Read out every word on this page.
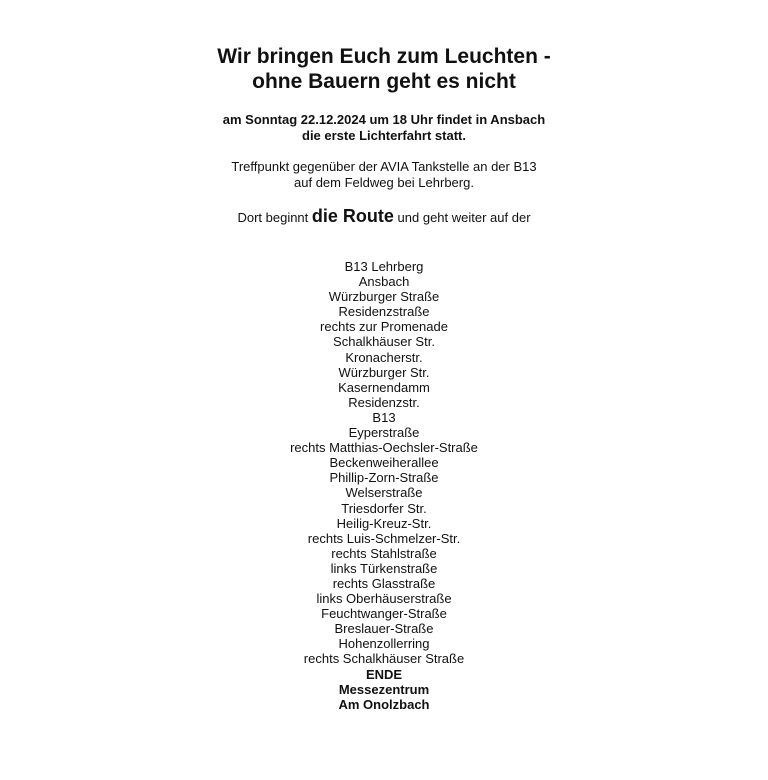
Wir bringen Euch zum Leuchten -
ohne Bauern geht es nicht
am Sonntag 22.12.2024 um 18 Uhr findet in Ansbach
die erste Lichterfahrt statt.
Treffpunkt gegenüber der AVIA Tankstelle an der B13
auf dem Feldweg bei Lehrberg.
Dort beginnt die Route und geht weiter auf der
B13 Lehrberg
Ansbach
Würzburger Straße
Residenzstraße
rechts zur Promenade
Schalkhäuser Str.
Kronacherstr.
Würzburger Str.
Kasernendamm
Residenzstr.
B13
Eyperstraße
rechts Matthias-Oechsler-Straße
Beckenweiherallee
Phillip-Zorn-Straße
Welserstraße
Triesdorfer Str.
Heilig-Kreuz-Str.
rechts Luis-Schmelzer-Str.
rechts Stahlstraße
links Türkenstraße
rechts Glasstraße
links Oberhäuserstraße
Feuchtwanger-Straße
Breslauer-Straße
Hohenzollerring
rechts Schalkhäuser Straße
ENDE
Messezentrum
Am Onolzbach
